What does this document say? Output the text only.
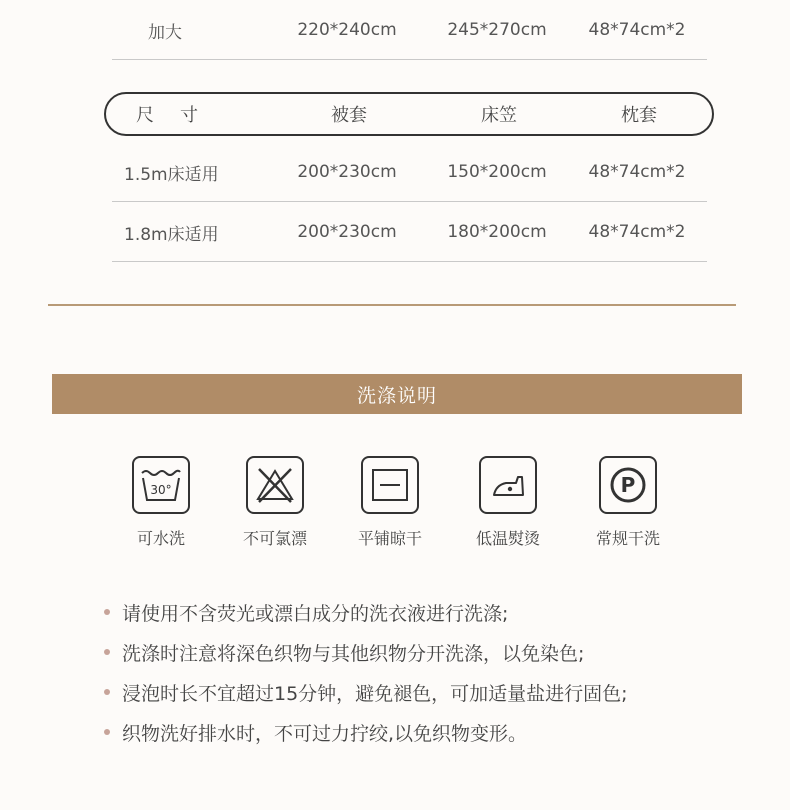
加大	220*240cm	245*270cm	48*74cm*2
尺寸	被套	床笠	枕套
1.5m床适用	200*230cm	150*200cm	48*74cm*2
1.8m床适用	200*230cm	180*200cm	48*74cm*2
洗涤说明
30°
可水洗	不可氯漂	平铺晾干	低温熨烫
P
常规干洗
请使用不含荧光或漂白成分的洗衣液进行洗涤;
洗涤时注意将深色织物与其他织物分开洗涤，以免染色;
浸泡时长不宜超过15分钟，避免褪色，可加适量盐进行固色;
织物洗好排水时，不可过力拧绞,以免织物变形。
